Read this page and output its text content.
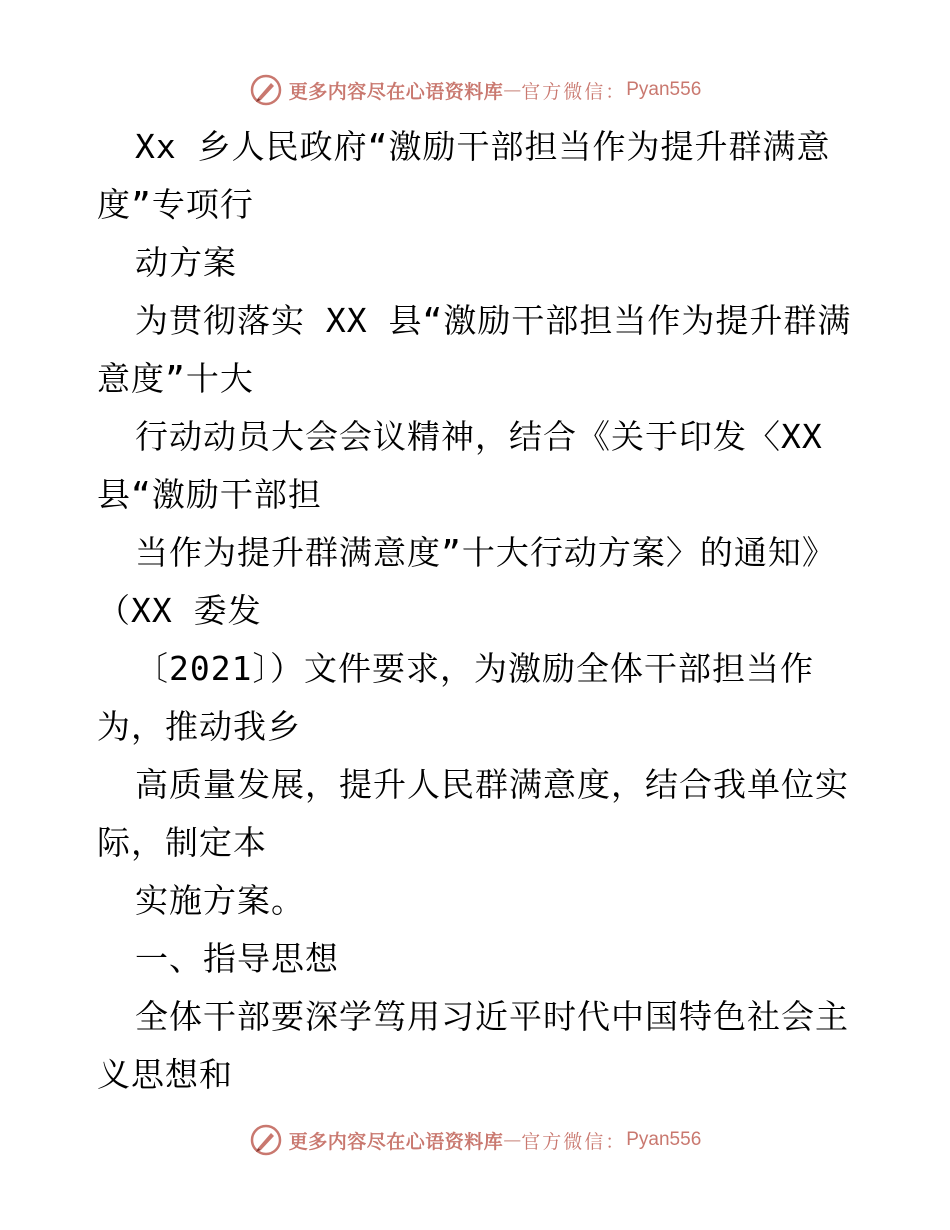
更多内容尽在心语资料库 — 官方微信： Pyan556
Xx 乡人民政府“激励干部担当作为提升群满意
度”专项行
动方案
为贯彻落实 XX 县“激励干部担当作为提升群满
意度”十大
行动动员大会会议精神，结合《关于印发〈XX
县“激励干部担
当作为提升群满意度”十大行动方案〉的通知》
（XX 委发
〔2021〕）文件要求，为激励全体干部担当作
为，推动我乡
高质量发展，提升人民群满意度，结合我单位实
际，制定本
实施方案。
一、指导思想
全体干部要深学笃用习近平时代中国特色社会主
义思想和
更多内容尽在心语资料库 — 官方微信： Pyan556
